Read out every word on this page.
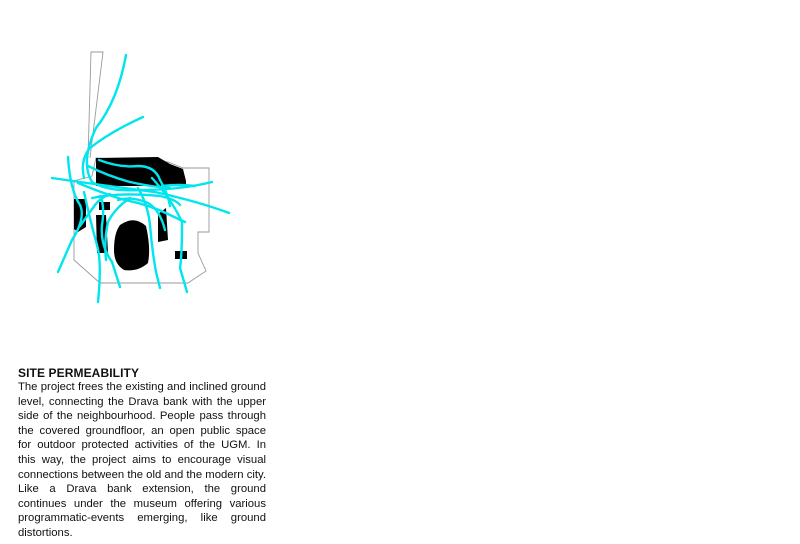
SITE PERMEABILITY

The project frees the existing and inclined ground level, connecting the Drava bank with the upper side of the neighbourhood. People pass through the covered groundfloor, an open public space for outdoor protected activities of the UGM. In this way, the project aims to encourage visual connections between the old and the modern city. Like a Drava bank extension, the ground continues under the museum offering various programmatic-events emerging, like ground distortions.
